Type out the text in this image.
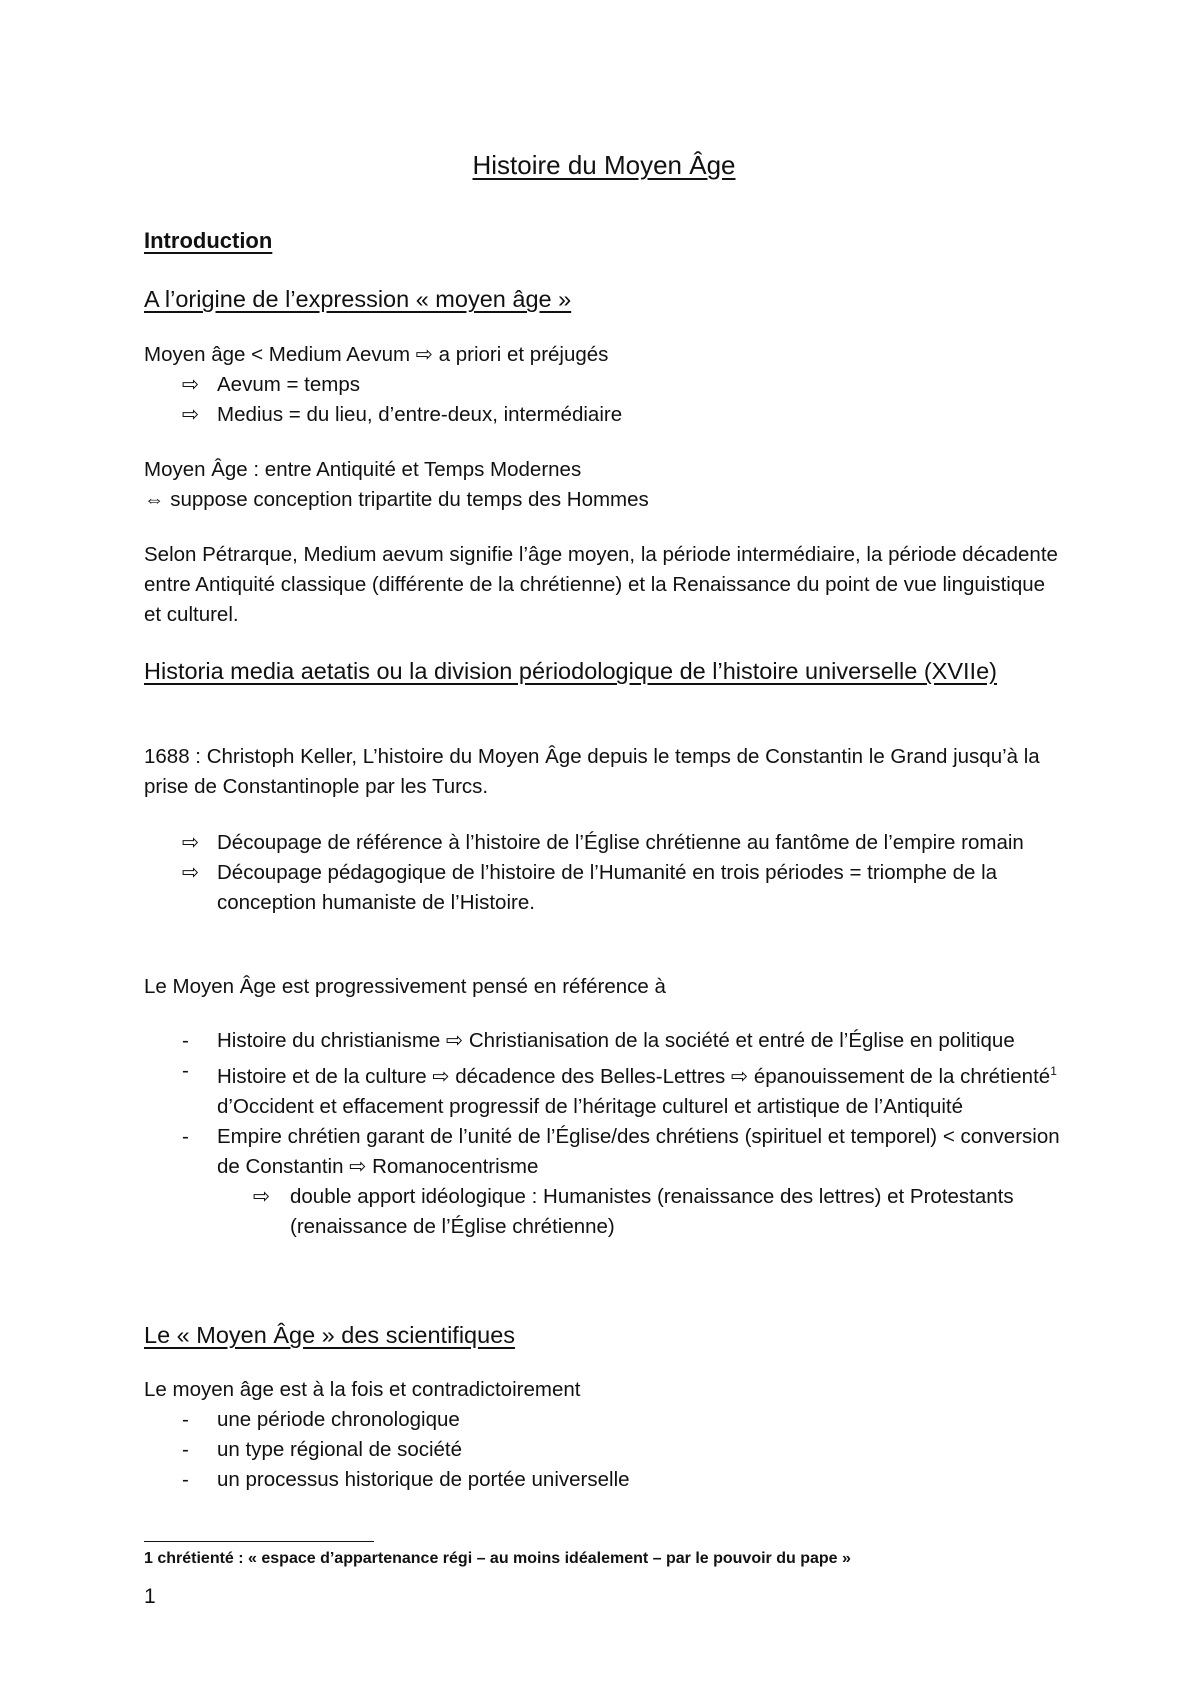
Histoire du Moyen Âge
Introduction

A l’origine de l’expression « moyen âge »

Moyen âge < Medium Aevum ⇨ a priori et préjugés

⇨ Aevum = temps
⇨ Medius = du lieu, d’entre-deux, intermédiaire

Moyen Âge : entre Antiquité et Temps Modernes

⇔ suppose conception tripartite du temps des Hommes

Selon Pétrarque, Medium aevum signifie l’âge moyen, la période intermédiaire, la période décadente entre Antiquité classique (différente de la chrétienne) et la Renaissance du point de vue linguistique et culturel.

Historia media aetatis ou la division périodologique de l’histoire universelle (XVIIe)

1688 : Christoph Keller, L’histoire du Moyen Âge depuis le temps de Constantin le Grand jusqu’à la prise de Constantinople par les Turcs.

⇨ Découpage de référence à l’histoire de l’Église chrétienne au fantôme de l’empire romain
⇨ Découpage pédagogique de l’histoire de l’Humanité en trois périodes = triomphe de la conception humaniste de l’Histoire.

Le Moyen Âge est progressivement pensé en référence à

- Histoire du christianisme ⇨ Christianisation de la société et entré de l’Église en politique
- Histoire et de la culture ⇨ décadence des Belles-Lettres ⇨ épanouissement de la chrétienté$^1$ d’Occident et effacement progressif de l’héritage culturel et artistique de l’Antiquité
- Empire chrétien garant de l’unité de l’Église/des chrétiens (spirituel et temporel) < conversion de Constantin ⇨ Romanocentrisme
⇨ double apport idéologique : Humanistes (renaissance des lettres) et Protestants (renaissance de l’Église chrétienne)

Le « Moyen Âge » des scientifiques

Le moyen âge est à la fois et contradictoirement

- une période chronologique
- un type régional de société
- un processus historique de portée universelle
1 chrétienté : « espace d’appartenance régi – au moins idéalement – par le pouvoir du pape »
1
